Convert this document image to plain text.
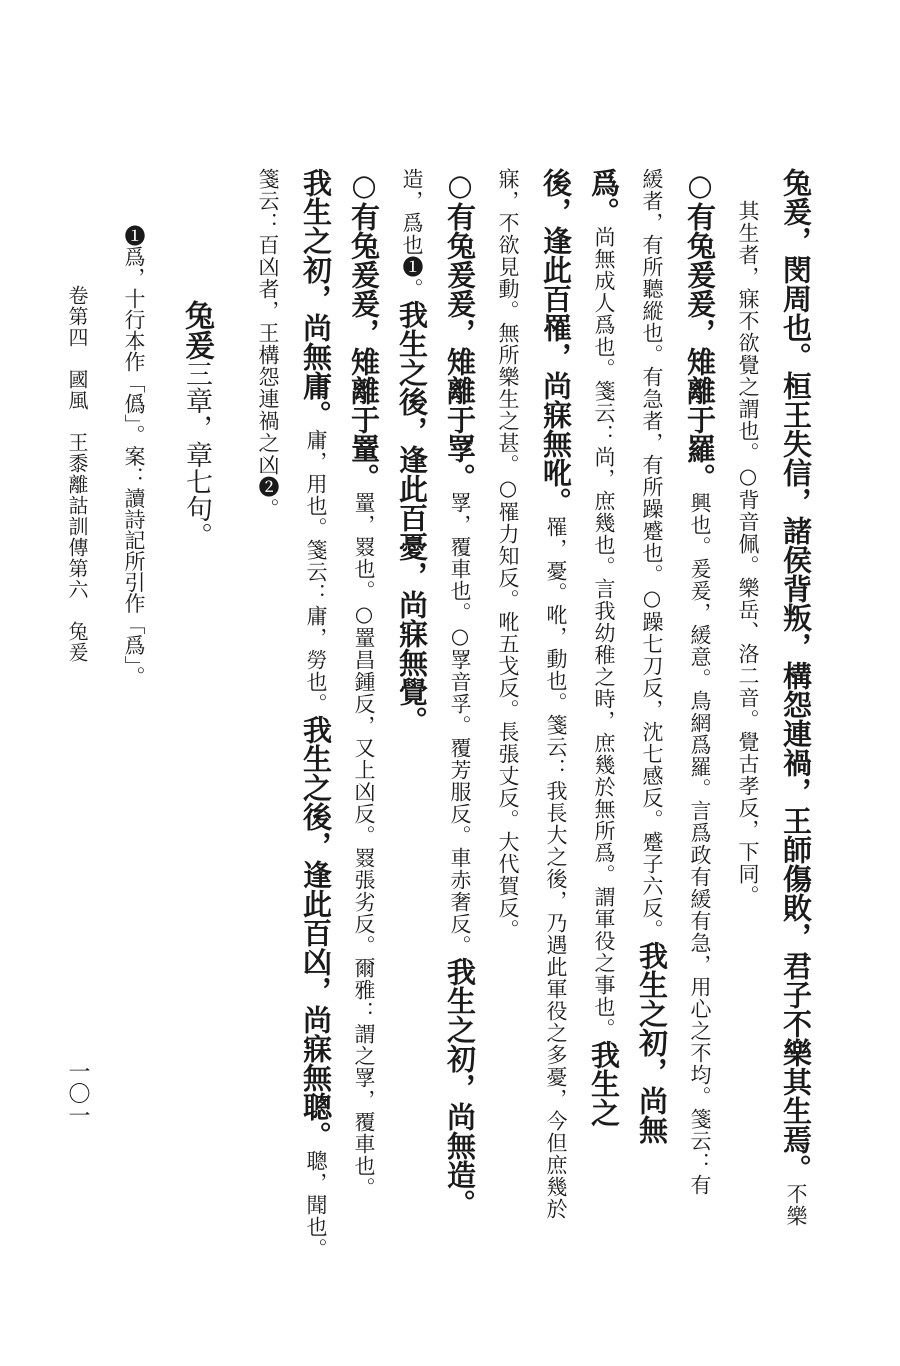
兔爰，閔周也。桓王失信，諸侯背叛，構怨連禍，王師傷敗，君子不樂其生焉。不樂

其生者，寐不欲覺之謂也。○背音佩。樂岳、洛二音。覺古孝反，下同。

○有兔爰爰，雉離于羅。興也。爰爰，緩意。鳥網爲羅。言爲政有緩有急，用心之不均。箋云：有

緩者，有所聽縱也。有急者，有所躁蹙也。○躁七刀反，沈七感反。蹙子六反。我生之初，尚無

爲。尚無成人爲也。箋云：尚，庶幾也。言我幼稚之時，庶幾於無所爲。謂軍役之事也。我生之

後，逢此百罹，尚寐無吪。罹，憂。吪，動也。箋云：我長大之後，乃遇此軍役之多憂，今但庶幾於

寐，不欲見動。無所樂生之甚。○罹力知反。吪五戈反。長張丈反。大代賀反。

○有兔爰爰，雉離于罦。罦，覆車也。○罦音孚。覆芳服反。車赤奢反。我生之初，尚無造。

造，爲也❶。我生之後，逢此百憂，尚寐無覺。

○有兔爰爰，雉離于罿。罿，罬也。○罿昌鍾反，又上凶反。罬張劣反。爾雅：謂之罦，覆車也。

我生之初，尚無庸。庸，用也。箋云：庸，勞也。我生之後，逢此百凶，尚寐無聰。聰，聞也。

箋云：百凶者，王構怨連禍之凶❷。

兔爰三章，章七句。
❶爲，十行本作「僞」。案：讀詩記所引作「爲」。
卷第四　國風　王黍離詁訓傳第六　兔爰
一〇一
